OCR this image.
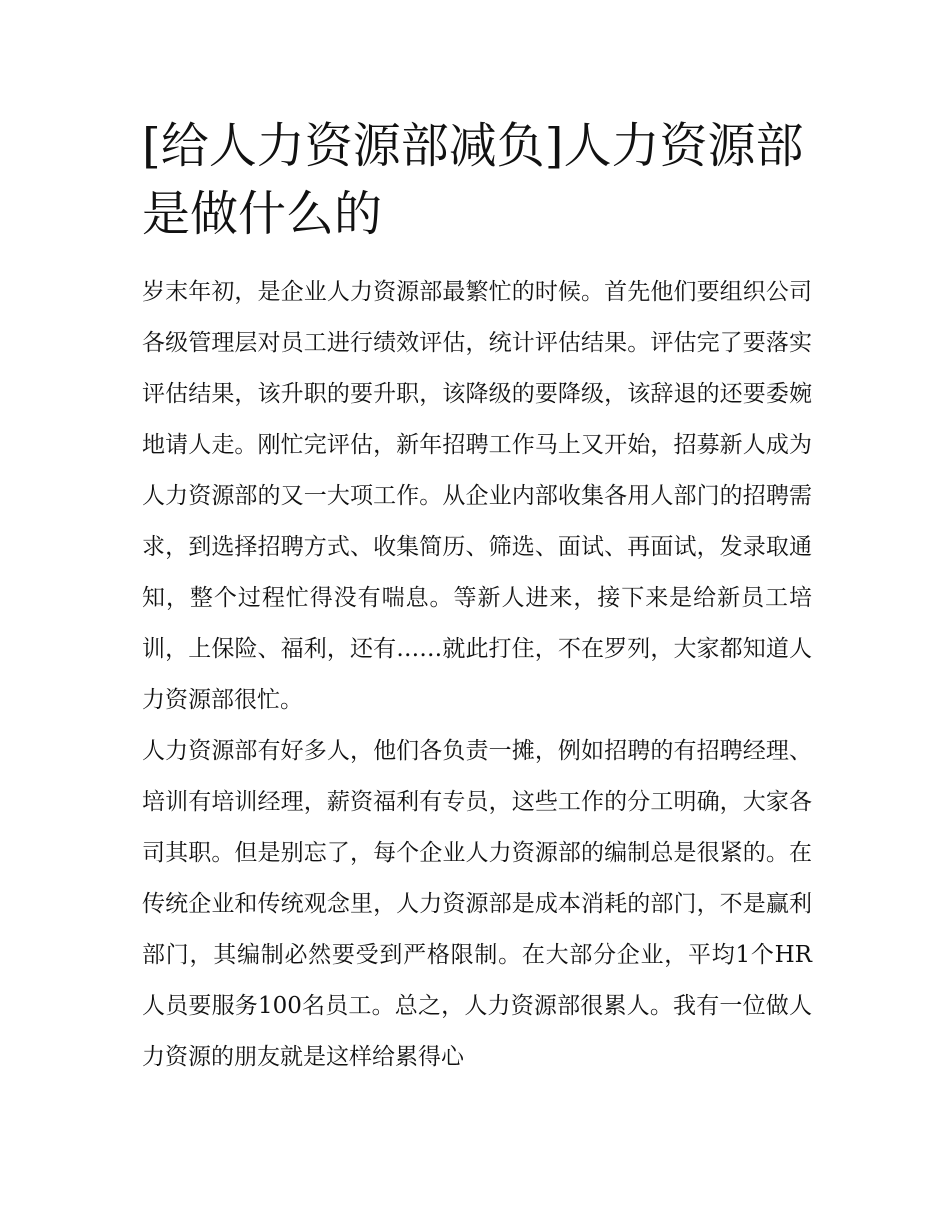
[给人力资源部减负]人力资源部是做什么的

岁末年初，是企业人力资源部最繁忙的时候。首先他们要组织公司各级管理层对员工进行绩效评估，统计评估结果。评估完了要落实评估结果，该升职的要升职，该降级的要降级，该辞退的还要委婉地请人走。刚忙完评估，新年招聘工作马上又开始，招募新人成为人力资源部的又一大项工作。从企业内部收集各用人部门的招聘需求，到选择招聘方式、收集简历、筛选、面试、再面试，发录取通知，整个过程忙得没有喘息。等新人进来，接下来是给新员工培训，上保险、福利，还有……就此打住，不在罗列，大家都知道人力资源部很忙。

人力资源部有好多人，他们各负责一摊，例如招聘的有招聘经理、培训有培训经理，薪资福利有专员，这些工作的分工明确，大家各司其职。但是别忘了，每个企业人力资源部的编制总是很紧的。在传统企业和传统观念里，人力资源部是成本消耗的部门，不是赢利部门，其编制必然要受到严格限制。在大部分企业，平均1个HR人员要服务100名员工。总之，人力资源部很累人。我有一位做人力资源的朋友就是这样给累得心
